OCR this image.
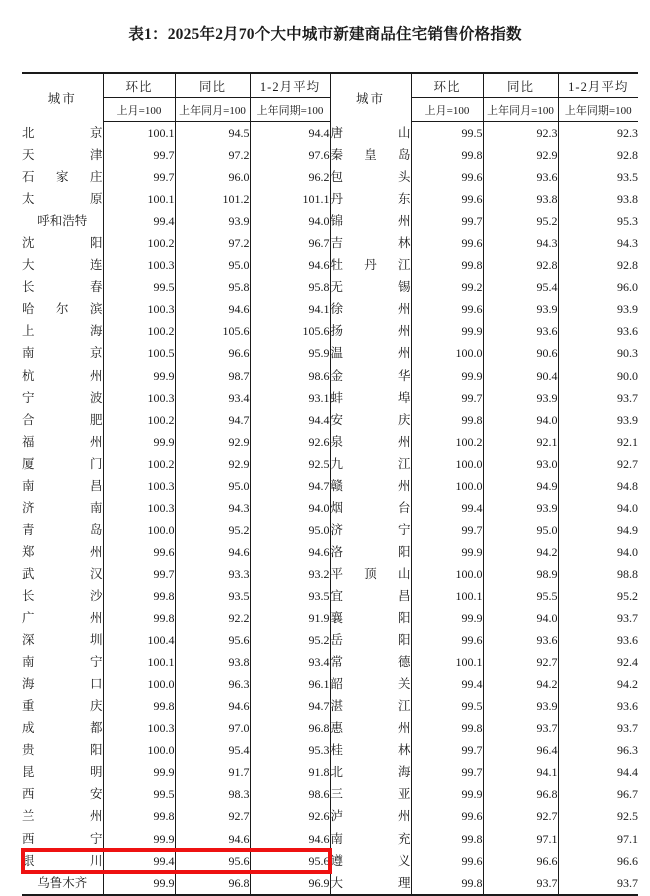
表1：2025年2月70个大中城市新建商品住宅销售价格指数
城市	环比	同比	1-2月平均	城市	环比	同比	1-2月平均
	上月=100	上年同月=100	上年同期=100		上月=100	上年同月=100	上年同期=100

北 京	100.1	94.5	94.4	唐 山	99.5	92.3	92.3

天 津	99.7	97.2	97.6	秦 皇 岛	99.8	92.9	92.8

石 家 庄	99.7	96.0	96.2	包 头	99.6	93.6	93.5

太 原	100.1	101.2	101.1	丹 东	99.6	93.8	93.8

呼和浩特	99.4	93.9	94.0	锦 州	99.7	95.2	95.3

沈 阳	100.2	97.2	96.7	吉 林	99.6	94.3	94.3

大 连	100.3	95.0	94.6	牡 丹 江	99.8	92.8	92.8

长 春	99.5	95.8	95.8	无 锡	99.2	95.4	96.0

哈 尔 滨	100.3	94.6	94.1	徐 州	99.6	93.9	93.9

上 海	100.2	105.6	105.6	扬 州	99.9	93.6	93.6

南 京	100.5	96.6	95.9	温 州	100.0	90.6	90.3

杭 州	99.9	98.7	98.6	金 华	99.9	90.4	90.0

宁 波	100.3	93.4	93.1	蚌 埠	99.7	93.9	93.7

合 肥	100.2	94.7	94.4	安 庆	99.8	94.0	93.9

福 州	99.9	92.9	92.6	泉 州	100.2	92.1	92.1

厦 门	100.2	92.9	92.5	九 江	100.0	93.0	92.7

南 昌	100.3	95.0	94.7	赣 州	100.0	94.9	94.8

济 南	100.3	94.3	94.0	烟 台	99.4	93.9	94.0

青 岛	100.0	95.2	95.0	济 宁	99.7	95.0	94.9

郑 州	99.6	94.6	94.6	洛 阳	99.9	94.2	94.0

武 汉	99.7	93.3	93.2	平 顶 山	100.0	98.9	98.8

长 沙	99.8	93.5	93.5	宜 昌	100.1	95.5	95.2

广 州	99.8	92.2	91.9	襄 阳	99.9	94.0	93.7

深 圳	100.4	95.6	95.2	岳 阳	99.6	93.6	93.6

南 宁	100.1	93.8	93.4	常 德	100.1	92.7	92.4

海 口	100.0	96.3	96.1	韶 关	99.4	94.2	94.2

重 庆	99.8	94.6	94.7	湛 江	99.5	93.9	93.6

成 都	100.3	97.0	96.8	惠 州	99.8	93.7	93.7

贵 阳	100.0	95.4	95.3	桂 林	99.7	96.4	96.3

昆 明	99.9	91.7	91.8	北 海	99.7	94.1	94.4

西 安	99.5	98.3	98.6	三 亚	99.9	96.8	96.7

兰 州	99.8	92.7	92.6	泸 州	99.6	92.7	92.5

西 宁	99.9	94.6	94.6	南 充	99.8	97.1	97.1

银 川	99.4	95.6	95.6	遵 义	99.6	96.6	96.6

乌鲁木齐	99.9	96.8	96.9	大 理	99.8	93.7	93.7
